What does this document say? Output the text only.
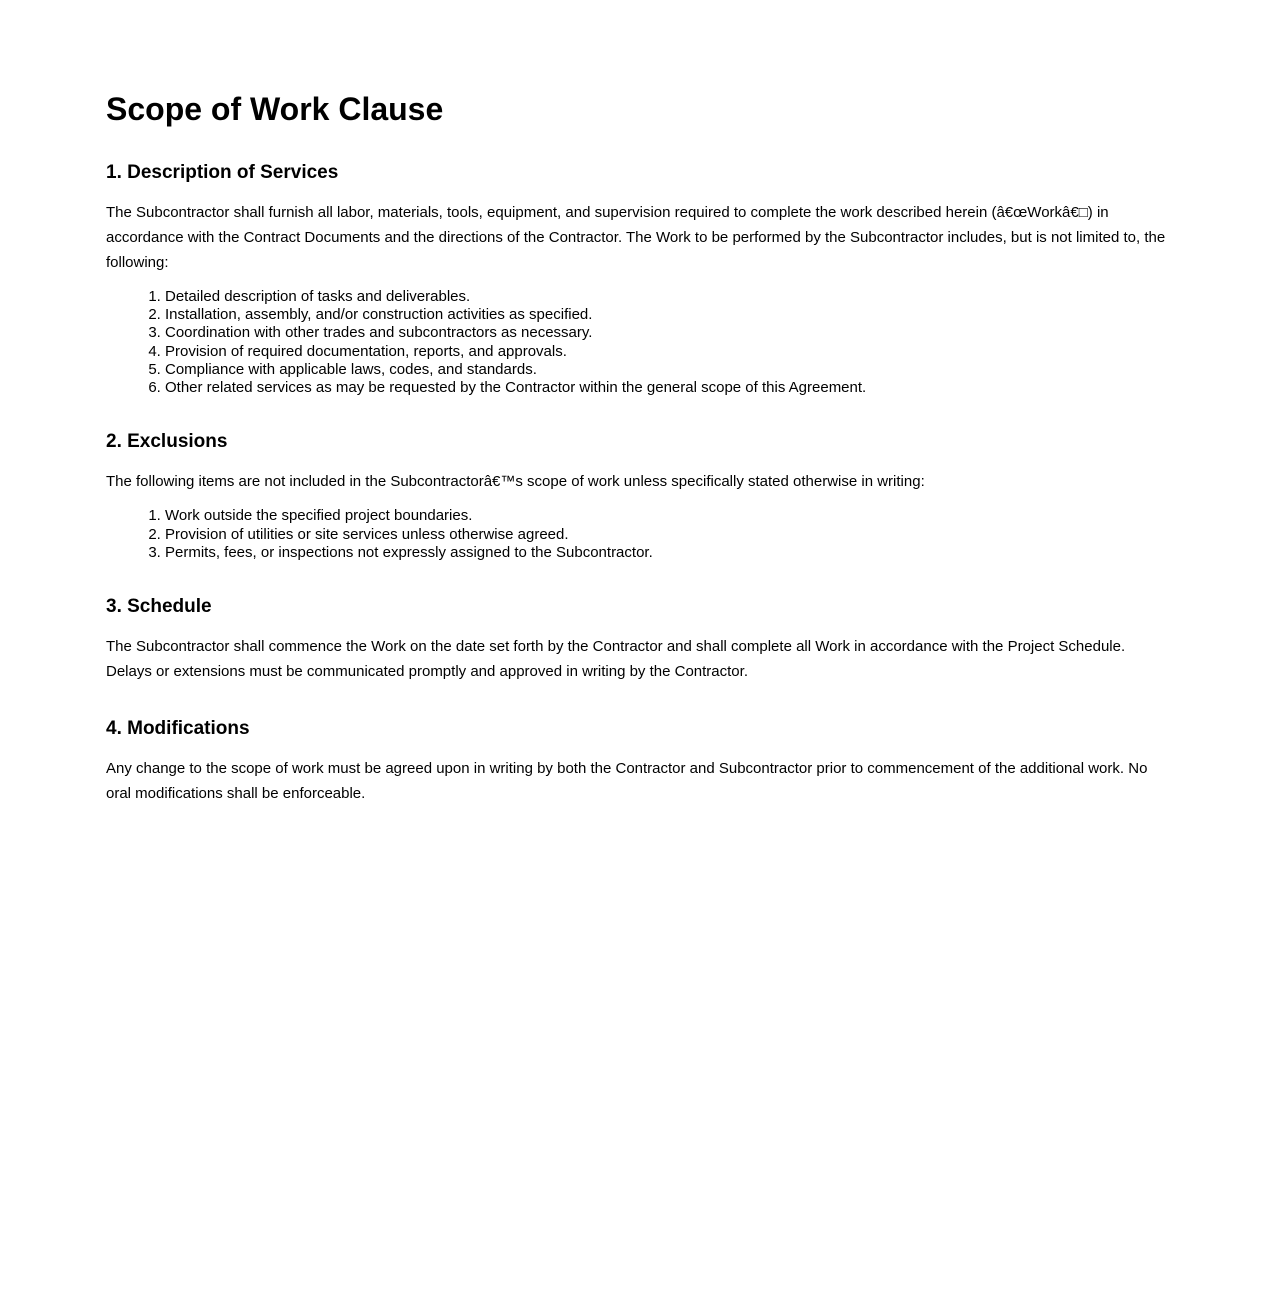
Scope of Work Clause
1. Description of Services

The Subcontractor shall furnish all labor, materials, tools, equipment, and supervision required to complete the work described herein (â€œWorkâ€□) in accordance with the Contract Documents and the directions of the Contractor. The Work to be performed by the Subcontractor includes, but is not limited to, the following:

1. Detailed description of tasks and deliverables.
2. Installation, assembly, and/or construction activities as specified.
3. Coordination with other trades and subcontractors as necessary.
4. Provision of required documentation, reports, and approvals.
5. Compliance with applicable laws, codes, and standards.
6. Other related services as may be requested by the Contractor within the general scope of this Agreement.
2. Exclusions

The following items are not included in the Subcontractorâ€™s scope of work unless specifically stated otherwise in writing:

1. Work outside the specified project boundaries.
2. Provision of utilities or site services unless otherwise agreed.
3. Permits, fees, or inspections not expressly assigned to the Subcontractor.
3. Schedule

The Subcontractor shall commence the Work on the date set forth by the Contractor and shall complete all Work in accordance with the Project Schedule. Delays or extensions must be communicated promptly and approved in writing by the Contractor.

4. Modifications

Any change to the scope of work must be agreed upon in writing by both the Contractor and Subcontractor prior to commencement of the additional work. No oral modifications shall be enforceable.
